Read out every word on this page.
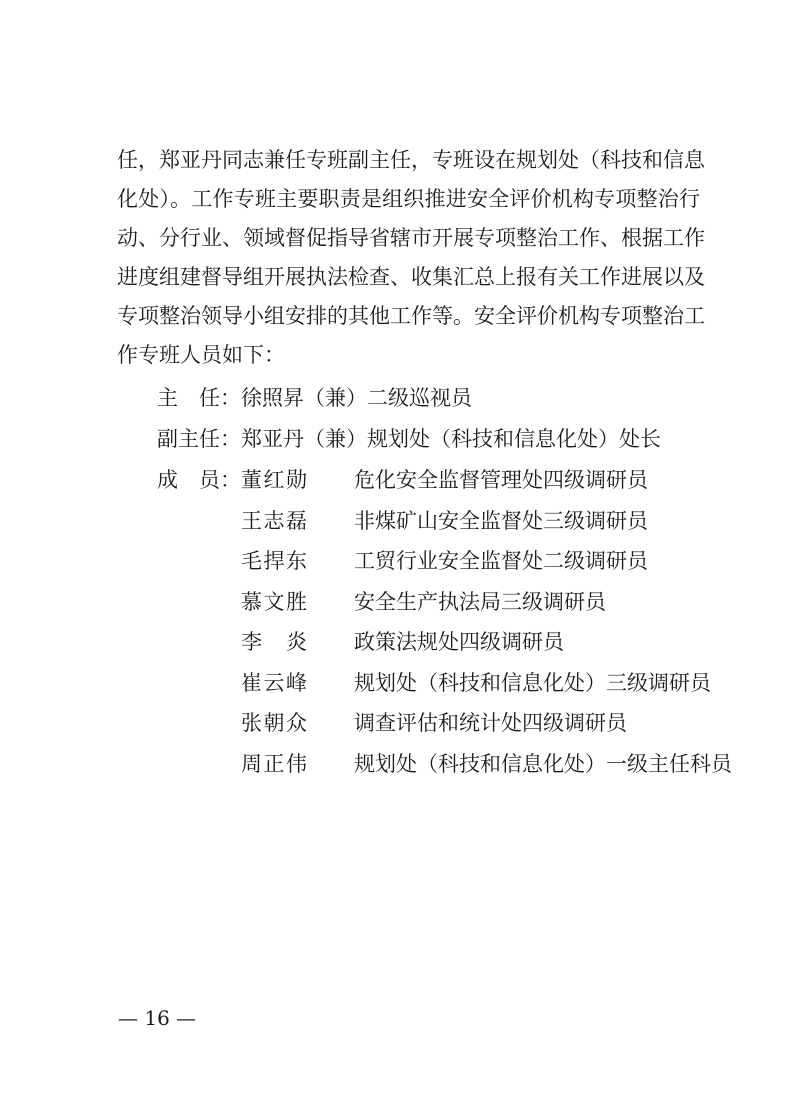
任，郑亚丹同志兼任专班副主任，专班设在规划处（科技和信息
化处）。工作专班主要职责是组织推进安全评价机构专项整治行
动、分行业、领域督促指导省辖市开展专项整治工作、根据工作
进度组建督导组开展执法检查、收集汇总上报有关工作进展以及
专项整治领导小组安排的其他工作等。安全评价机构专项整治工
作专班人员如下：
主　任： 徐照昇（兼）二级巡视员
副主任： 郑亚丹（兼）规划处（科技和信息化处）处长
成　员： 董红勋 危化安全监督管理处四级调研员
王志磊 非煤矿山安全监督处三级调研员
毛捍东 工贸行业安全监督处二级调研员
慕文胜 安全生产执法局三级调研员
李　炎 政策法规处四级调研员
崔云峰 规划处（科技和信息化处）三级调研员
张朝众 调查评估和统计处四级调研员
周正伟 规划处（科技和信息化处）一级主任科员
— 16 —
